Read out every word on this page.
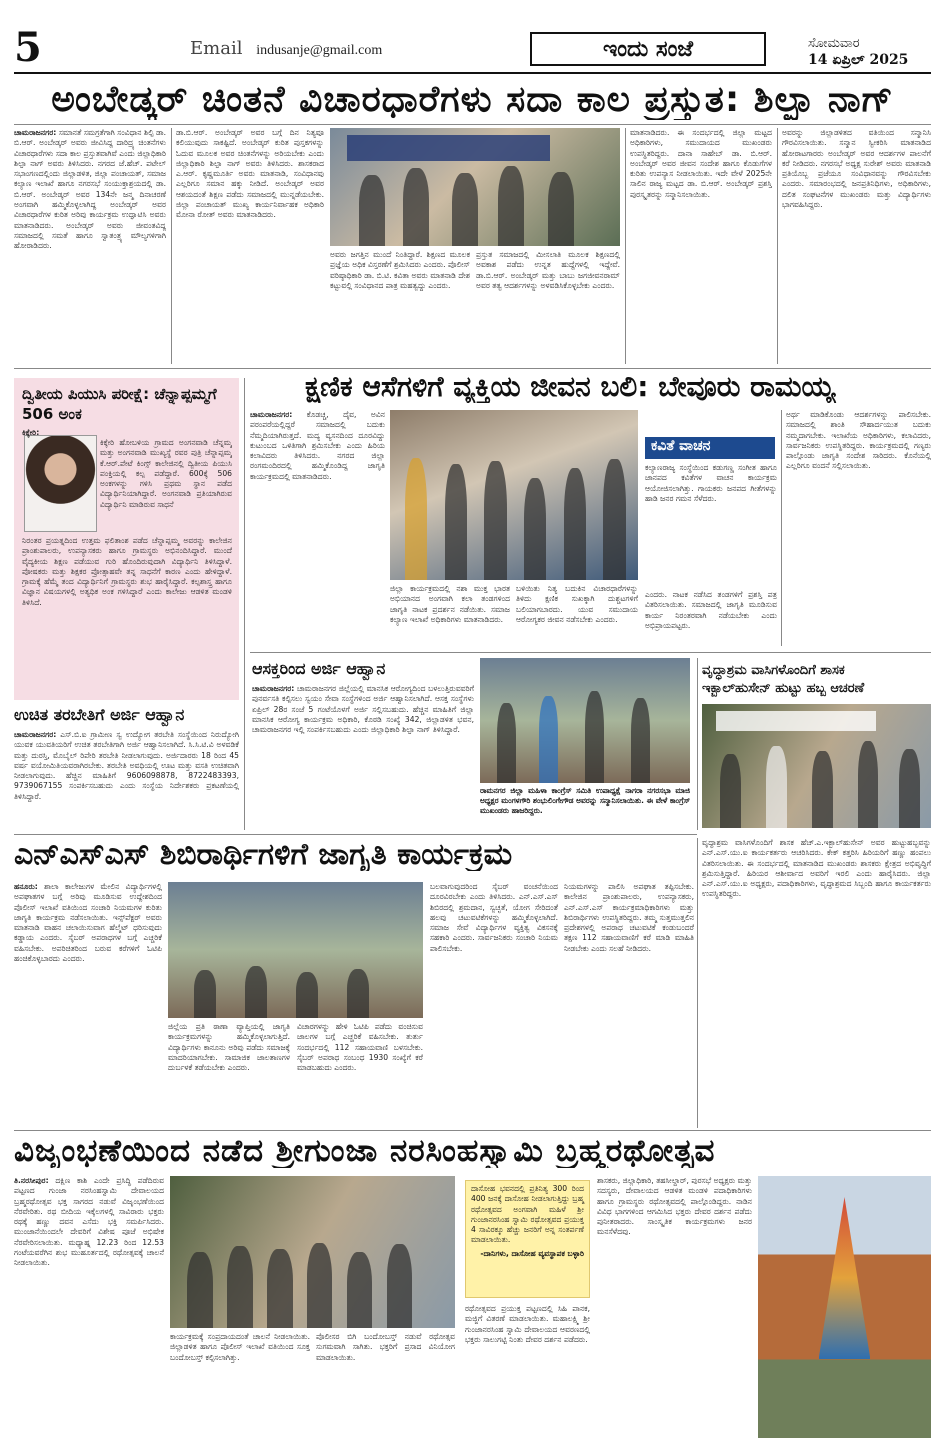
5	Email indusanje@gmail.com	ಇಂದು ಸಂಜೆ	ಸೋಮವಾರ
14 ಏಪ್ರಿಲ್ 2025
ಅಂಬೇಡ್ಕರ್ ಚಿಂತನೆ ವಿಚಾರಧಾರೆಗಳು ಸದಾ ಕಾಲ ಪ್ರಸ್ತುತ: ಶಿಲ್ಪಾ ನಾಗ್
ಚಾಮರಾಜನಗರ: ಸಮಾನತೆ ಸಮಗ್ರತೆಗಾಗಿ ಸಂವಿಧಾನ ಶಿಲ್ಪಿ ಡಾ. ಬಿ.ಆರ್. ಅಂಬೇಡ್ಕರ್ ಅವರು ಜೀವಿಸಿದ್ದ ದಾರಿದ್ರ್ಯ ಚಿಂತನೆಗಳು ವಿಚಾರಧಾರೆಗಳು ಸದಾ ಕಾಲ ಪ್ರಸ್ತುತವಾಗಿವೆ ಎಂದು ಜಿಲ್ಲಾಧಿಕಾರಿ ಶಿಲ್ಪಾ ನಾಗ್ ಅವರು ತಿಳಿಸಿದರು. ನಗರದ ಜೆ.ಹೆಚ್. ಪಟೇಲ್ ಸಭಾಂಗಣದಲ್ಲಿಂದು ಜಿಲ್ಲಾಡಳಿತ, ಜಿಲ್ಲಾ ಪಂಚಾಯತ್, ಸಮಾಜ ಕಲ್ಯಾಣ ಇಲಾಖೆ ಹಾಗೂ ನಗರಸಭೆ ಸಂಯುಕ್ತಾಶ್ರಯದಲ್ಲಿ ಡಾ. ಬಿ.ಆರ್. ಅಂಬೇಡ್ಕರ್ ಅವರ 134ನೇ ಜನ್ಮ ದಿನಾಚರಣೆ ಅಂಗವಾಗಿ ಹಮ್ಮಿಕೊಳ್ಳಲಾಗಿದ್ದ ಅಂಬೇಡ್ಕರ್ ಅವರ ವಿಚಾರಧಾರೆಗಳ ಕುರಿತ ಅರಿವು ಕಾರ್ಯಕ್ರಮ ಉದ್ಘಾಟಿಸಿ ಅವರು ಮಾತನಾಡಿದರು. ಅಂಬೇಡ್ಕರ್ ಅವರು ಜೀವಂತವಿದ್ದ ಸಮಾಜದಲ್ಲಿ ಸಮತೆ ಹಾಗೂ ಸ್ವಾತಂತ್ರ್ಯ ಮೌಲ್ಯಗಳಿಗಾಗಿ ಹೋರಾಡಿದರು.
ಡಾ.ಬಿ.ಆರ್. ಅಂಬೇಡ್ಕರ್ ಅವರ ಬಗ್ಗೆ ದಿನ ನಿತ್ಯವೂ ಕಲಿಯುವುದು ಸಾಕಷ್ಟಿದೆ. ಅಂಬೇಡ್ಕರ್ ಕುರಿತ ಪುಸ್ತಕಗಳನ್ನು ಓದುವ ಮೂಲಕ ಅವರ ಚಿಂತನೆಗಳನ್ನು ಅರಿಯಬೇಕು ಎಂದು ಜಿಲ್ಲಾಧಿಕಾರಿ ಶಿಲ್ಪಾ ನಾಗ್ ಅವರು ತಿಳಿಸಿದರು. ಶಾಸಕರಾದ ಎ.ಆರ್. ಕೃಷ್ಣಮೂರ್ತಿ ಅವರು ಮಾತನಾಡಿ, ಸಂವಿಧಾನವು ಎಲ್ಲರಿಗೂ ಸಮಾನ ಹಕ್ಕು ನೀಡಿದೆ. ಅಂಬೇಡ್ಕರ್ ಅವರ ಆಶಯದಂತೆ ಶಿಕ್ಷಣ ಪಡೆದು ಸಮಾಜದಲ್ಲಿ ಮುನ್ನಡೆಯಬೇಕು. ಜಿಲ್ಲಾ ಪಂಚಾಯತ್ ಮುಖ್ಯ ಕಾರ್ಯನಿರ್ವಾಹಕ ಅಧಿಕಾರಿ ಮೋನಾ ರೋತ್ ಅವರು ಮಾತನಾಡಿದರು.
ಅವರು ಜಗತ್ತಿನ ಮುಂದೆ ನಿಂತಿದ್ದಾರೆ. ಶಿಕ್ಷಣದ ಮೂಲಕ ಪ್ರಜ್ಞೆಯ ಅಧಿಕ ವಿಸ್ತರಣೆಗೆ ಶ್ರಮಿಸಿದರು ಎಂದರು. ಪೊಲೀಸ್ ವರಿಷ್ಠಾಧಿಕಾರಿ ಡಾ. ಬಿ.ಟಿ. ಕವಿತಾ ಅವರು ಮಾತನಾಡಿ ದೇಶ ಕಟ್ಟುವಲ್ಲಿ ಸಂವಿಧಾನದ ಪಾತ್ರ ಮಹತ್ವದ್ದು ಎಂದರು.
ಪ್ರಸ್ತುತ ಸಮಾಜದಲ್ಲಿ ಮೀಸಲಾತಿ ಮೂಲಕ ಶಿಕ್ಷಣದಲ್ಲಿ ಅವಕಾಶ ಪಡೆದು ಉನ್ನತ ಹುದ್ದೆಗಳಲ್ಲಿ ಇದ್ದೇವೆ. ಡಾ.ಬಿ.ಆರ್. ಅಂಬೇಡ್ಕರ್ ಮತ್ತು ಬಾಬು ಜಗಜೀವನರಾಮ್ ಅವರ ತತ್ವ ಆದರ್ಶಗಳನ್ನು ಅಳವಡಿಸಿಕೊಳ್ಳಬೇಕು ಎಂದರು.
ಮಾತನಾಡಿದರು. ಈ ಸಂದರ್ಭದಲ್ಲಿ ಜಿಲ್ಲಾ ಮಟ್ಟದ ಅಧಿಕಾರಿಗಳು, ಸಮುದಾಯದ ಮುಖಂಡರು ಉಪಸ್ಥಿತರಿದ್ದರು. ದಾನಾ ಸಾಹೇಬ್ ಡಾ. ಬಿ.ಆರ್. ಅಂಬೇಡ್ಕರ್ ಅವರ ಜೀವನ ಸಂದೇಶ ಹಾಗೂ ಕೊಡುಗೆಗಳ ಕುರಿತು ಉಪನ್ಯಾಸ ನೀಡಲಾಯಿತು. ಇದೇ ವೇಳೆ 2025ನೇ ಸಾಲಿನ ರಾಜ್ಯ ಮಟ್ಟದ ಡಾ. ಬಿ.ಆರ್. ಅಂಬೇಡ್ಕರ್ ಪ್ರಶಸ್ತಿ ಪುರಸ್ಕೃತರನ್ನು ಸನ್ಮಾನಿಸಲಾಯಿತು.
ಅವರನ್ನು ಜಿಲ್ಲಾಡಳಿತದ ವತಿಯಿಂದ ಸನ್ಮಾನಿಸಿ ಗೌರವಿಸಲಾಯಿತು. ಸನ್ಮಾನ ಸ್ವೀಕರಿಸಿ ಮಾತನಾಡಿದ ಹೋರಾಟಗಾರರು ಅಂಬೇಡ್ಕರ್ ಅವರ ಆದರ್ಶಗಳ ಪಾಲನೆಗೆ ಕರೆ ನೀಡಿದರು. ನಗರಸಭೆ ಅಧ್ಯಕ್ಷ ಸುರೇಶ್ ಅವರು ಮಾತನಾಡಿ ಪ್ರತಿಯೊಬ್ಬ ಪ್ರಜೆಯೂ ಸಂವಿಧಾನವನ್ನು ಗೌರವಿಸಬೇಕು ಎಂದರು. ಸಮಾರಂಭದಲ್ಲಿ ಜನಪ್ರತಿನಿಧಿಗಳು, ಅಧಿಕಾರಿಗಳು, ದಲಿತ ಸಂಘಟನೆಗಳ ಮುಖಂಡರು ಮತ್ತು ವಿದ್ಯಾರ್ಥಿಗಳು ಭಾಗವಹಿಸಿದ್ದರು.
ದ್ವಿತೀಯ ಪಿಯುಸಿ ಪರೀಕ್ಷೆ: ಚೆನ್ನಾಪ್ಪಮ್ಮಗೆ 506 ಅಂಕ
ಕಿಕ್ಕೇರಿ:
ಕಿಕ್ಕೇರಿ ಹೋಬಳಿಯ ಗ್ರಾಮದ ಅಂಗನವಾಡಿ ಚೆನ್ನಮ್ಮ ಮತ್ತು ಅಂಗನವಾಡಿ ಮುಖ್ಯಸ್ಥೆ ರವರ ಪುತ್ರಿ ಚೆನ್ನಾಪ್ಪಮ್ಮ ಕೆ.ಆರ್.ಪೇಟೆ ಕಿಂಗ್ಸ್ ಕಾಲೇಜಿನಲ್ಲಿ ದ್ವಿತೀಯ ಪಿಯುಸಿ ಪಂಕ್ತಿಯಲ್ಲಿ ಕಲ್ಪ ಪಡೆದ್ದಾರೆ. 600ಕ್ಕೆ 506 ಅಂಕಗಳನ್ನು ಗಳಿಸಿ ಪ್ರಥಮ ಸ್ಥಾನ ಪಡೆದ ವಿದ್ಯಾರ್ಥಿನಿಯಾಗಿದ್ದಾರೆ. ಅಂಗನವಾಡಿ ಪ್ರತಿಯಾಗಿರುವ ವಿದ್ಯಾರ್ಥಿನಿ ಮಾಡಿರುವ ಸಾಧನೆ
ನಿರಂತರ ಪ್ರಯತ್ನದಿಂದ ಉತ್ತಮ ಫಲಿತಾಂಶ ಪಡೆದ ಚೆನ್ನಾಪ್ಪಮ್ಮ ಅವರನ್ನು ಕಾಲೇಜಿನ ಪ್ರಾಂಶುಪಾಲರು, ಉಪನ್ಯಾಸಕರು ಹಾಗೂ ಗ್ರಾಮಸ್ಥರು ಅಭಿನಂದಿಸಿದ್ದಾರೆ. ಮುಂದೆ ವೈದ್ಯಕೀಯ ಶಿಕ್ಷಣ ಪಡೆಯುವ ಗುರಿ ಹೊಂದಿರುವುದಾಗಿ ವಿದ್ಯಾರ್ಥಿನಿ ತಿಳಿಸಿದ್ದಾಳೆ. ಪೋಷಕರು ಮತ್ತು ಶಿಕ್ಷಕರ ಪ್ರೋತ್ಸಾಹವೇ ತನ್ನ ಸಾಧನೆಗೆ ಕಾರಣ ಎಂದು ಹೇಳಿದ್ದಾಳೆ. ಗ್ರಾಮಕ್ಕೆ ಹೆಮ್ಮೆ ತಂದ ವಿದ್ಯಾರ್ಥಿನಿಗೆ ಗ್ರಾಮಸ್ಥರು ಶುಭ ಹಾರೈಸಿದ್ದಾರೆ. ಕಲ್ಪಶಾಸ್ತ್ರ ಹಾಗೂ ವಿಜ್ಞಾನ ವಿಷಯಗಳಲ್ಲಿ ಅತ್ಯಧಿಕ ಅಂಕ ಗಳಿಸಿದ್ದಾರೆ ಎಂದು ಕಾಲೇಜು ಆಡಳಿತ ಮಂಡಳಿ ತಿಳಿಸಿದೆ.
ಉಚಿತ ತರಬೇತಿಗೆ ಅರ್ಜಿ ಆಹ್ವಾನ
ಚಾಮರಾಜನಗರ: ಎಸ್.ಬಿ.ಐ ಗ್ರಾಮೀಣ ಸ್ವ ಉದ್ಯೋಗ ತರಬೇತಿ ಸಂಸ್ಥೆಯಿಂದ ನಿರುದ್ಯೋಗಿ ಯುವಕ ಯುವತಿಯರಿಗೆ ಉಚಿತ ತರಬೇತಿಗಾಗಿ ಅರ್ಜಿ ಆಹ್ವಾನಿಸಲಾಗಿದೆ. ಸಿ.ಸಿ.ಟಿ.ವಿ ಅಳವಡಿಕೆ ಮತ್ತು ದುರಸ್ತಿ, ಮೊಬೈಲ್ ರಿಪೇರಿ ತರಬೇತಿ ನೀಡಲಾಗುವುದು. ಅರ್ಜಿದಾರರು 18 ರಿಂದ 45 ವರ್ಷ ವಯೋಮಿತಿಯವರಾಗಿರಬೇಕು. ತರಬೇತಿ ಅವಧಿಯಲ್ಲಿ ಊಟ ಮತ್ತು ವಸತಿ ಉಚಿತವಾಗಿ ನೀಡಲಾಗುವುದು. ಹೆಚ್ಚಿನ ಮಾಹಿತಿಗೆ 9606098878, 8722483393, 9739067155 ಸಂಪರ್ಕಿಸಬಹುದು ಎಂದು ಸಂಸ್ಥೆಯ ನಿರ್ದೇಶಕರು ಪ್ರಕಟಣೆಯಲ್ಲಿ ತಿಳಿಸಿದ್ದಾರೆ.
ಕ್ಷಣಿಕ ಆಸೆಗಳಿಗೆ ವ್ಯಕ್ತಿಯ ಜೀವನ ಬಲಿ: ಬೇವೂರು ರಾಮಯ್ಯ
ಚಾಮರಾಜನಗರ: ಕೊಡಚ್ಚ, ದೈವ, ಅವಿನ ಪರಂಪರೆಯಲ್ಲಿದ್ದರೆ ಸಮಾಜದಲ್ಲಿ ಬದುಕು ನೆಮ್ಮದಿಯಾಗಿರುತ್ತದೆ. ಮದ್ಯ ವ್ಯಸನದಿಂದ ದೂರವಿದ್ದು ಕುಟುಂಬದ ಒಳಿತಿಗಾಗಿ ಶ್ರಮಿಸಬೇಕು ಎಂದು ಹಿರಿಯ ಕಲಾವಿದರು ತಿಳಿಸಿದರು. ನಗರದ ಜಿಲ್ಲಾ ರಂಗಮಂದಿರದಲ್ಲಿ ಹಮ್ಮಿಕೊಂಡಿದ್ದ ಜಾಗೃತಿ ಕಾರ್ಯಕ್ರಮದಲ್ಲಿ ಮಾತನಾಡಿದರು.
ಜಿಲ್ಲಾ ಕಾರ್ಯಕ್ರಮದಲ್ಲಿ ನಶಾ ಮುಕ್ತ ಭಾರತ ಅಭಿಯಾನದ ಅಂಗವಾಗಿ ಕಲಾ ತಂಡಗಳಿಂದ ಜಾಗೃತಿ ನಾಟಕ ಪ್ರದರ್ಶನ ನಡೆಯಿತು. ಸಮಾಜ ಕಲ್ಯಾಣ ಇಲಾಖೆ ಅಧಿಕಾರಿಗಳು ಮಾತನಾಡಿದರು.
ಬಳಿಯಿತು ನಿತ್ಯ ಬದುಕಿನ ವಿಚಾರಧಾರೆಗಳನ್ನು ತಿಳಿದು ಕ್ಷಣಿಕ ಸುಖಕ್ಕಾಗಿ ದುಶ್ಚಟಗಳಿಗೆ ಬಲಿಯಾಗಬಾರದು. ಯುವ ಸಮುದಾಯ ಆರೋಗ್ಯಕರ ಜೀವನ ನಡೆಸಬೇಕು ಎಂದರು.
ಕವಿತೆ ವಾಚನ
ಕಲ್ಯಾಣರಾಜ್ಯ ಸಂಸ್ಥೆಯಿಂದ ಕಡುಗಣ್ಣ ಸಂಗೀತ ಹಾಗೂ ಜಾನಪದ ಕವಿತೆಗಳ ವಾಚನ ಕಾರ್ಯಕ್ರಮ ಆಯೋಜಿಸಲಾಗಿತ್ತು. ಗಾಯಕರು ಜನಪದ ಗೀತೆಗಳನ್ನು ಹಾಡಿ ಜನರ ಗಮನ ಸೆಳೆದರು.
ಎಂದರು. ನಾಟಕ ನಡೆಸಿದ ತಂಡಗಳಿಗೆ ಪ್ರಶಸ್ತಿ ಪತ್ರ ವಿತರಿಸಲಾಯಿತು. ಸಮಾಜದಲ್ಲಿ ಜಾಗೃತಿ ಮೂಡಿಸುವ ಕಾರ್ಯ ನಿರಂತರವಾಗಿ ನಡೆಯಬೇಕು ಎಂದು ಅಭಿಪ್ರಾಯಪಟ್ಟರು.
ಅರ್ಥ ಮಾಡಿಕೊಂಡು ಆದರ್ಶಗಳನ್ನು ಪಾಲಿಸಬೇಕು. ಸಮಾಜದಲ್ಲಿ ಶಾಂತಿ ಸೌಹಾರ್ದಯುತ ಬದುಕು ನಮ್ಮದಾಗಬೇಕು. ಇಲಾಖೆಯ ಅಧಿಕಾರಿಗಳು, ಕಲಾವಿದರು, ಸಾರ್ವಜನಿಕರು ಉಪಸ್ಥಿತರಿದ್ದರು. ಕಾರ್ಯಕ್ರಮದಲ್ಲಿ ಗಣ್ಯರು ಪಾಲ್ಗೊಂಡು ಜಾಗೃತಿ ಸಂದೇಶ ಸಾರಿದರು. ಕೊನೆಯಲ್ಲಿ ಎಲ್ಲರಿಗೂ ವಂದನೆ ಸಲ್ಲಿಸಲಾಯಿತು.
ಆಸಕ್ತರಿಂದ ಅರ್ಜಿ ಆಹ್ವಾನ
ಚಾಮರಾಜನಗರ: ಚಾಮರಾಜನಗರ ಜಿಲ್ಲೆಯಲ್ಲಿ ಮಾನಸಿಕ ಆರೋಗ್ಯದಿಂದ ಬಳಲುತ್ತಿರುವವರಿಗೆ ಪುನರ್ವಸತಿ ಕಲ್ಪಿಸಲು ಸ್ವಯಂ ಸೇವಾ ಸಂಸ್ಥೆಗಳಿಂದ ಅರ್ಜಿ ಆಹ್ವಾನಿಸಲಾಗಿದೆ. ಆಸಕ್ತ ಸಂಸ್ಥೆಗಳು ಏಪ್ರಿಲ್ 28ರ ಸಂಜೆ 5 ಗಂಟೆಯೊಳಗೆ ಅರ್ಜಿ ಸಲ್ಲಿಸಬಹುದು. ಹೆಚ್ಚಿನ ಮಾಹಿತಿಗೆ ಜಿಲ್ಲಾ ಮಾನಸಿಕ ಆರೋಗ್ಯ ಕಾರ್ಯಕ್ರಮ ಅಧಿಕಾರಿ, ಕೊಠಡಿ ಸಂಖ್ಯೆ 342, ಜಿಲ್ಲಾಡಳಿತ ಭವನ, ಚಾಮರಾಜನಗರ ಇಲ್ಲಿ ಸಂಪರ್ಕಿಸಬಹುದು ಎಂದು ಜಿಲ್ಲಾಧಿಕಾರಿ ಶಿಲ್ಪಾ ನಾಗ್ ತಿಳಿಸಿದ್ದಾರೆ.
ರಾಮನಗರ ಜಿಲ್ಲಾ ಮಹಿಳಾ ಕಾಂಗ್ರೆಸ್ ಸಮಿತಿ ಉಪಾಧ್ಯಕ್ಷೆ ನಾಗರಾ ನಗರಸಭಾ ಮಾಜಿ ಅಧ್ಯಕ್ಷರ ಮಂಗಳಗೌರಿ ಶಂಭುಲಿಂಗೇಗೌಡ ಅವರನ್ನು ಸನ್ಮಾನಿಸಲಾಯಿತು. ಈ ವೇಳೆ ಕಾಂಗ್ರೆಸ್ ಮುಖಂಡರು ಹಾಜರಿದ್ದರು.
ವೃದ್ಧಾಶ್ರಮ ವಾಸಿಗಳೊಂದಿಗೆ ಶಾಸಕ
ಇಕ್ಬಾಲ್‌ಹುಸೇನ್ ಹುಟ್ಟು ಹಬ್ಬ ಆಚರಣೆ
ವೃದ್ಧಾಶ್ರಮ ವಾಸಿಗಳೊಂದಿಗೆ ಶಾಸಕ ಹೆಚ್.ಎ.ಇಕ್ಬಾಲ್‌ಹುಸೇನ್ ಅವರ ಹುಟ್ಟುಹಬ್ಬವನ್ನು ಎನ್.ಎಸ್.ಯು.ಐ ಕಾರ್ಯಕರ್ತರು ಆಚರಿಸಿದರು. ಕೇಕ್ ಕತ್ತರಿಸಿ ಹಿರಿಯರಿಗೆ ಹಣ್ಣು ಹಂಪಲು ವಿತರಿಸಲಾಯಿತು. ಈ ಸಂದರ್ಭದಲ್ಲಿ ಮಾತನಾಡಿದ ಮುಖಂಡರು ಶಾಸಕರು ಕ್ಷೇತ್ರದ ಅಭಿವೃದ್ಧಿಗೆ ಶ್ರಮಿಸುತ್ತಿದ್ದಾರೆ. ಹಿರಿಯರ ಆಶೀರ್ವಾದ ಅವರಿಗೆ ಇರಲಿ ಎಂದು ಹಾರೈಸಿದರು. ಜಿಲ್ಲಾ ಎನ್.ಎಸ್.ಯು.ಐ ಅಧ್ಯಕ್ಷರು, ಪದಾಧಿಕಾರಿಗಳು, ವೃದ್ಧಾಶ್ರಮದ ಸಿಬ್ಬಂದಿ ಹಾಗೂ ಕಾರ್ಯಕರ್ತರು ಉಪಸ್ಥಿತರಿದ್ದರು.
ಎನ್ಎಸ್ಎಸ್ ಶಿಬಿರಾರ್ಥಿಗಳಿಗೆ ಜಾಗೃತಿ ಕಾರ್ಯಕ್ರಮ
ಹನೂರು: ಶಾಲಾ ಕಾಲೇಜುಗಳ ಮೇಲಿನ ವಿದ್ಯಾರ್ಥಿಗಳಲ್ಲಿ ಅಪಘಾತಗಳ ಬಗ್ಗೆ ಅರಿವು ಮೂಡಿಸುವ ಉದ್ದೇಶದಿಂದ ಪೊಲೀಸ್ ಇಲಾಖೆ ವತಿಯಿಂದ ಸಂಚಾರಿ ನಿಯಮಗಳ ಕುರಿತು ಜಾಗೃತಿ ಕಾರ್ಯಕ್ರಮ ನಡೆಸಲಾಯಿತು. ಇನ್ಸ್‌ಪೆಕ್ಟರ್ ಅವರು ಮಾತನಾಡಿ ವಾಹನ ಚಲಾಯಿಸುವಾಗ ಹೆಲ್ಮೆಟ್ ಧರಿಸುವುದು ಕಡ್ಡಾಯ ಎಂದರು. ಸೈಬರ್ ಅಪರಾಧಗಳ ಬಗ್ಗೆ ಎಚ್ಚರಿಕೆ ವಹಿಸಬೇಕು. ಅಪರಿಚಿತರಿಂದ ಬರುವ ಕರೆಗಳಿಗೆ ಓಟಿಪಿ ಹಂಚಿಕೊಳ್ಳಬಾರದು ಎಂದರು.
ಜಿಲ್ಲೆಯ ಪ್ರತಿ ಠಾಣಾ ವ್ಯಾಪ್ತಿಯಲ್ಲಿ ಜಾಗೃತಿ ಕಾರ್ಯಕ್ರಮಗಳನ್ನು ಹಮ್ಮಿಕೊಳ್ಳಲಾಗುತ್ತಿದೆ. ವಿದ್ಯಾರ್ಥಿಗಳು ಕಾನೂನು ಅರಿವು ಪಡೆದು ಸಮಾಜಕ್ಕೆ ಮಾದರಿಯಾಗಬೇಕು. ಸಾಮಾಜಿಕ ಜಾಲತಾಣಗಳ ದುರ್ಬಳಕೆ ತಡೆಯಬೇಕು ಎಂದರು.
ವಿಚಾರಗಳನ್ನು ಹೇಳಿ ಓಟಿಪಿ ಪಡೆದು ವಂಚಿಸುವ ಜಾಲಗಳ ಬಗ್ಗೆ ಎಚ್ಚರಿಕೆ ವಹಿಸಬೇಕು. ತುರ್ತು ಸಂದರ್ಭದಲ್ಲಿ 112 ಸಹಾಯವಾಣಿ ಬಳಸಬೇಕು. ಸೈಬರ್ ಅಪರಾಧ ಸಂಬಂಧ 1930 ಸಂಖ್ಯೆಗೆ ಕರೆ ಮಾಡಬಹುದು ಎಂದರು.
ಬಲವಾಗುವುದರಿಂದ ಸೈಬರ್ ವಂಚನೆಯಿಂದ ದೂರವಿರಬೇಕು ಎಂದು ತಿಳಿಸಿದರು. ಎನ್.ಎಸ್.ಎಸ್ ಶಿಬಿರದಲ್ಲಿ ಶ್ರಮದಾನ, ಸ್ವಚ್ಛತೆ, ಯೋಗ ಸೇರಿದಂತೆ ಹಲವು ಚಟುವಟಿಕೆಗಳನ್ನು ಹಮ್ಮಿಕೊಳ್ಳಲಾಗಿದೆ. ಸಮಾಜ ಸೇವೆ ವಿದ್ಯಾರ್ಥಿಗಳ ವ್ಯಕ್ತಿತ್ವ ವಿಕಸನಕ್ಕೆ ಸಹಕಾರಿ ಎಂದರು. ಸಾರ್ವಜನಿಕರು ಸಂಚಾರಿ ನಿಯಮ ಪಾಲಿಸಬೇಕು.
ನಿಯಮಗಳನ್ನು ಪಾಲಿಸಿ ಅಪಘಾತ ತಪ್ಪಿಸಬೇಕು. ಕಾಲೇಜಿನ ಪ್ರಾಂಶುಪಾಲರು, ಉಪನ್ಯಾಸಕರು, ಎನ್.ಎಸ್.ಎಸ್ ಕಾರ್ಯಕ್ರಮಾಧಿಕಾರಿಗಳು ಮತ್ತು ಶಿಬಿರಾರ್ಥಿಗಳು ಉಪಸ್ಥಿತರಿದ್ದರು. ತಮ್ಮ ಸುತ್ತಮುತ್ತಲಿನ ಪ್ರದೇಶಗಳಲ್ಲಿ ಅಪರಾಧ ಚಟುವಟಿಕೆ ಕಂಡುಬಂದರೆ ತಕ್ಷಣ 112 ಸಹಾಯವಾಣಿಗೆ ಕರೆ ಮಾಡಿ ಮಾಹಿತಿ ನೀಡಬೇಕು ಎಂದು ಸಲಹೆ ನೀಡಿದರು.
ವಿಜೃಂಭಣೆಯಿಂದ ನಡೆದ ಶ್ರೀಗುಂಜಾ ನರಸಿಂಹಸ್ವಾಮಿ ಬ್ರಹ್ಮರಥೋತ್ಸವ
ತಿ.ನರಸೀಪುರ: ದಕ್ಷಿಣ ಕಾಶಿ ಎಂದೇ ಪ್ರಸಿದ್ಧಿ ಪಡೆದಿರುವ ಪಟ್ಟಣದ ಗುಂಜಾ ನರಸಿಂಹಸ್ವಾಮಿ ದೇವಾಲಯದ ಬ್ರಹ್ಮರಥೋತ್ಸವ ಭಕ್ತ ಸಾಗರದ ನಡುವೆ ವಿಜೃಂಭಣೆಯಿಂದ ನೆರವೇರಿತು. ರಥ ಬೀದಿಯ ಇಕ್ಕೆಲಗಳಲ್ಲಿ ಸಾವಿರಾರು ಭಕ್ತರು ರಥಕ್ಕೆ ಹಣ್ಣು ದವನ ಎಸೆದು ಭಕ್ತಿ ಸಮರ್ಪಿಸಿದರು. ಮುಂಜಾನೆಯಿಂದಲೇ ದೇವರಿಗೆ ವಿಶೇಷ ಪೂಜೆ ಅಭಿಷೇಕ ನೆರವೇರಿಸಲಾಯಿತು. ಮಧ್ಯಾಹ್ನ 12.23 ರಿಂದ 12.53 ಗಂಟೆಯವರೆಗಿನ ಶುಭ ಮುಹೂರ್ತದಲ್ಲಿ ರಥೋತ್ಸವಕ್ಕೆ ಚಾಲನೆ ನೀಡಲಾಯಿತು.
ಕಾರ್ಯಕ್ರಮಕ್ಕೆ ಸಂಪ್ರದಾಯದಂತೆ ಚಾಲನೆ ನೀಡಲಾಯಿತು. ಜಿಲ್ಲಾಡಳಿತ ಹಾಗೂ ಪೊಲೀಸ್ ಇಲಾಖೆ ವತಿಯಿಂದ ಸೂಕ್ತ ಬಂದೋಬಸ್ತ್ ಕಲ್ಪಿಸಲಾಗಿತ್ತು.
ಪೊಲೀಸರ ಬಿಗಿ ಬಂದೋಬಸ್ತ್ ನಡುವೆ ರಥೋತ್ಸವ ಸುಗಮವಾಗಿ ಸಾಗಿತು. ಭಕ್ತರಿಗೆ ಪ್ರಸಾದ ವಿನಿಯೋಗ ಮಾಡಲಾಯಿತು.
ದಾಸೋಹ ಭವನದಲ್ಲಿ ಪ್ರತಿನಿತ್ಯ 300 ರಿಂದ 400 ಜನಕ್ಕೆ ದಾಸೋಹ ನೀಡಲಾಗುತ್ತಿದ್ದು ಬ್ರಹ್ಮ ರಥೋತ್ಸವದ ಅಂಗವಾಗಿ ಮಹಿಳೆ ಶ್ರೀ ಗುಂಜಾನರಸಿಂಹ ಸ್ವಾಮಿ ರಥೋತ್ಸವದ ಪ್ರಯುಕ್ತ 4 ಸಾವಿರಕ್ಕೂ ಹೆಚ್ಚು ಜನರಿಗೆ ಅನ್ನ ಸಂತರ್ಪಣೆ ಮಾಡಲಾಯಿತು.
-ದಾನಿಗಳು, ದಾಸೋಹ ವ್ಯವಸ್ಥಾಪಕ ಬಳ್ಳಾರಿ
ರಥೋತ್ಸವದ ಪ್ರಯುಕ್ತ ಪಟ್ಟಣದಲ್ಲಿ ಸಿಹಿ ಪಾನಕ, ಮಜ್ಜಿಗೆ ವಿತರಣೆ ಮಾಡಲಾಯಿತು. ಮಹಾಲಕ್ಷ್ಮಿ ಶ್ರೀ ಗುಂಜಾನರಸಿಂಹ ಸ್ವಾಮಿ ದೇವಾಲಯದ ಆವರಣದಲ್ಲಿ ಭಕ್ತರು ಸಾಲುಗಟ್ಟಿ ನಿಂತು ದೇವರ ದರ್ಶನ ಪಡೆದರು.
ಶಾಸಕರು, ಜಿಲ್ಲಾಧಿಕಾರಿ, ತಹಸೀಲ್ದಾರ್, ಪುರಸಭೆ ಅಧ್ಯಕ್ಷರು ಮತ್ತು ಸದಸ್ಯರು, ದೇವಾಲಯದ ಆಡಳಿತ ಮಂಡಳಿ ಪದಾಧಿಕಾರಿಗಳು ಹಾಗೂ ಗ್ರಾಮಸ್ಥರು ರಥೋತ್ಸವದಲ್ಲಿ ಪಾಲ್ಗೊಂಡಿದ್ದರು. ನಾಡಿನ ವಿವಿಧ ಭಾಗಗಳಿಂದ ಆಗಮಿಸಿದ ಭಕ್ತರು ದೇವರ ದರ್ಶನ ಪಡೆದು ಪುನೀತರಾದರು. ಸಾಂಸ್ಕೃತಿಕ ಕಾರ್ಯಕ್ರಮಗಳು ಜನರ ಮನಸೆಳೆದವು.
